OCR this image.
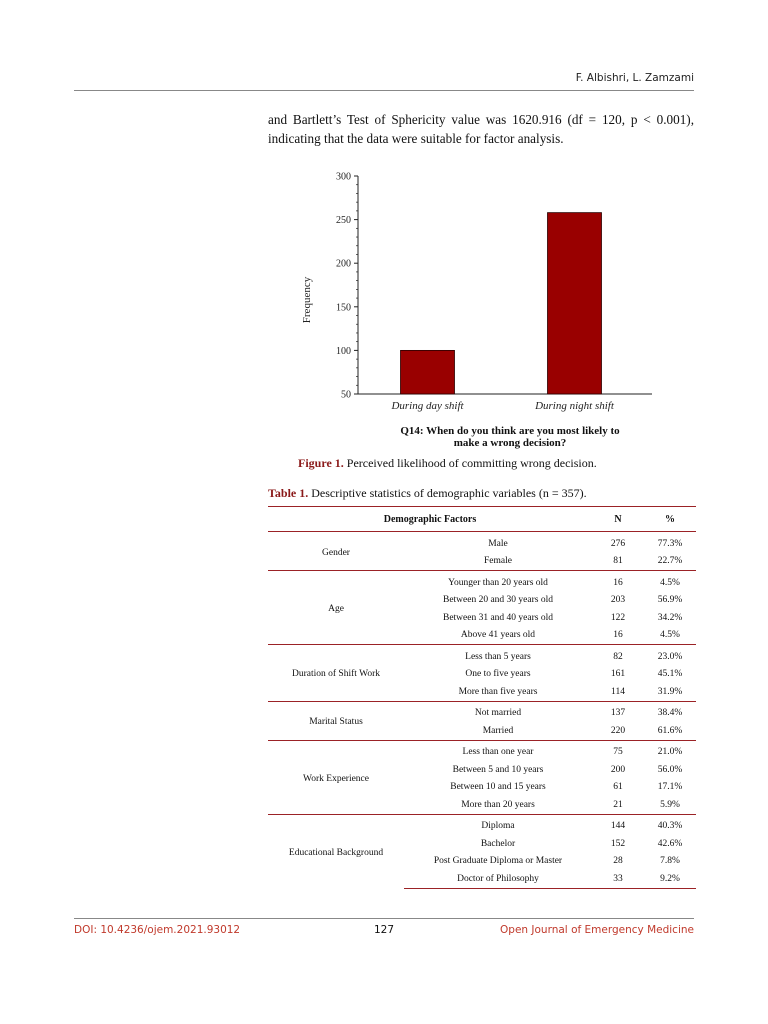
F. Albishri, L. Zamzami
and Bartlett’s Test of Sphericity value was 1620.916 (df = 120, p < 0.001), indicating that the data were suitable for factor analysis.
50
100
150
200
250
300
During day shift	During night shift
Frequency
Q14: When do you think are you most likely to
make a wrong decision?
Figure 1. Perceived likelihood of committing wrong decision.
Table 1. Descriptive statistics of demographic variables (n = 357).
Demographic Factors		N	%
Gender	Male	276	77.3%
	Female	81	22.7%
Age	Younger than 20 years old	16	4.5%
	Between 20 and 30 years old	203	56.9%
	Between 31 and 40 years old	122	34.2%
	Above 41 years old	16	4.5%
Duration of Shift Work	Less than 5 years	82	23.0%
	One to five years	161	45.1%
	More than five years	114	31.9%
Marital Status	Not married	137	38.4%
	Married	220	61.6%
Work Experience	Less than one year	75	21.0%
	Between 5 and 10 years	200	56.0%
	Between 10 and 15 years	61	17.1%
	More than 20 years	21	5.9%
Educational Background	Diploma	144	40.3%
	Bachelor	152	42.6%
	Post Graduate Diploma or Master	28	7.8%
	Doctor of Philosophy	33	9.2%
DOI: 10.4236/ojem.2021.93012	127	Open Journal of Emergency Medicine
